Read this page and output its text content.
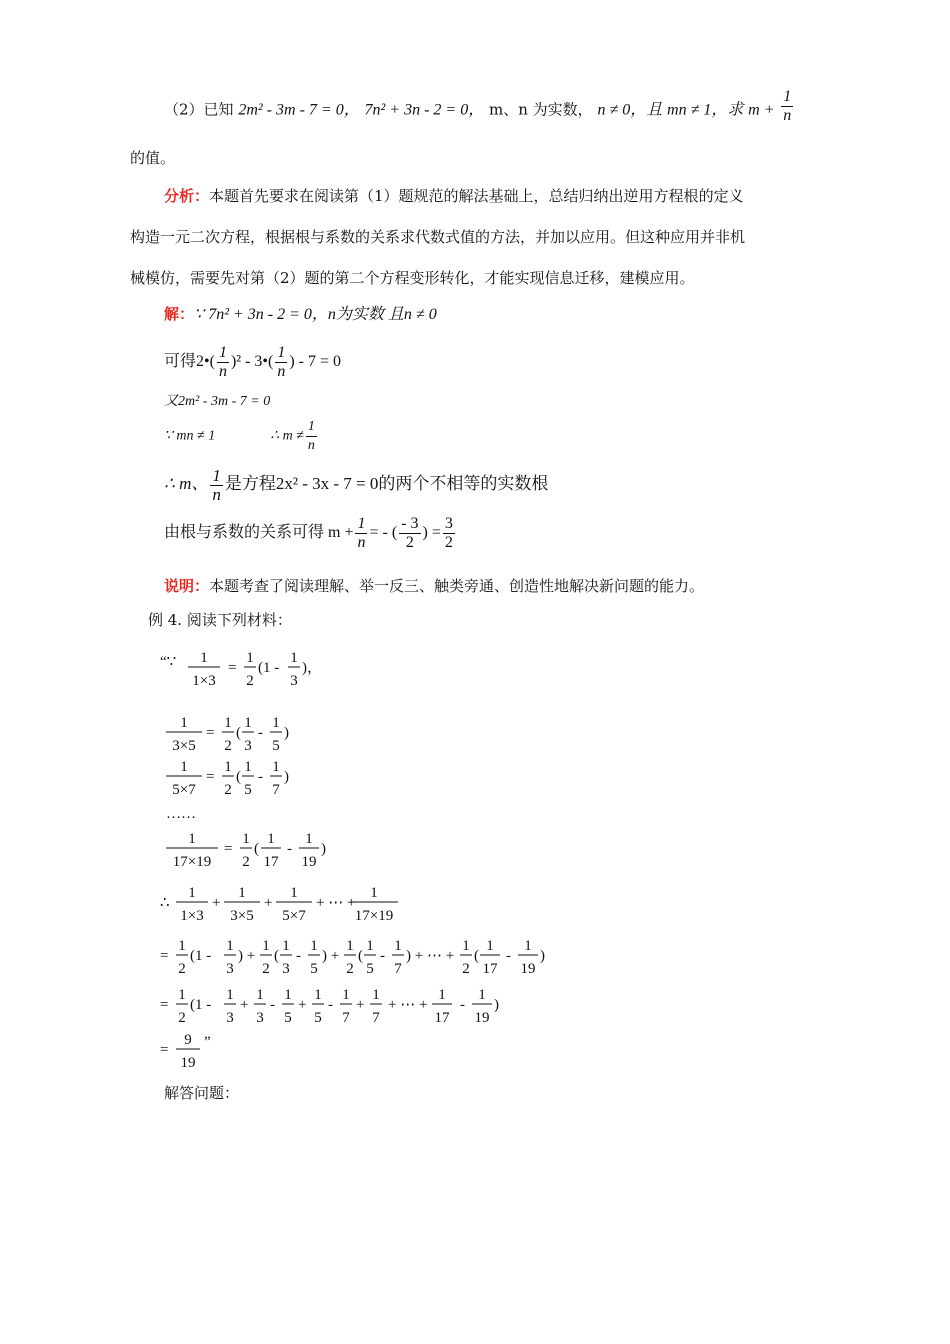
（2）已知 2m² - 3m - 7 = 0， 7n² + 3n - 2 = 0， m、n 为实数， n ≠ 0，且 mn ≠ 1，求 $m + \frac{1}{n}$
的值。
分析：本题首先要求在阅读第（1）题规范的解法基础上，总结归纳出逆用方程根的定义
构造一元二次方程，根据根与系数的关系求代数式值的方法，并加以应用。但这种应用并非机
械模仿，需要先对第（2）题的第二个方程变形转化，才能实现信息迁移，建模应用。
解：∵ 7n² + 3n - 2 = 0，n为实数 且n ≠ 0
可得2•( $\frac{1}{n} )^2$ - 3•( $\frac{1}{n}$ ) - 7 = 0
又2m² - 3m - 7 = 0
∵ mn ≠ 1	∴ $m \ne \frac{1}{n}$
∴ m、 $\frac{1}{n}$ 是方程2x² - 3x - 7 = 0的两个不相等的实数根
由根与系数的关系可得 $m + \frac{1}{n}$ = - ( $\frac{- 3}{2}$ ) = $\frac{3}{2}$
说明：本题考查了阅读理解、举一反三、触类旁通、创造性地解决新问题的能力。
例 4. 阅读下列材料：
“∵ 1
1×3
=
1
2
(1 -
1
3
)，
1
3×5
=
1
2
(
1
3
-
1
5
)
1
5×7
=
1
2
(
1
5
-
1
7
)
……
1
17×19
=
1
2
(
1
17
-
1
19
)
∴
1
1×3
+
1
3×5
+
1
5×7
+ ⋯ +
1
17×19
=
1
2
(1 -
1
3
) +
1
2
(
1
3
-
1
5
) +
1
2
(
1
5
-
1
7
) + ⋯ +
1
2
(
1
17
-
1
19
)
=
1
2
(1 -
1
3
+
1
3
-
1
5
+
1
5
-
1
7
+
1
7
+ ⋯ +
1
17
-
1
19
)
=
9
19
”
解答问题：
